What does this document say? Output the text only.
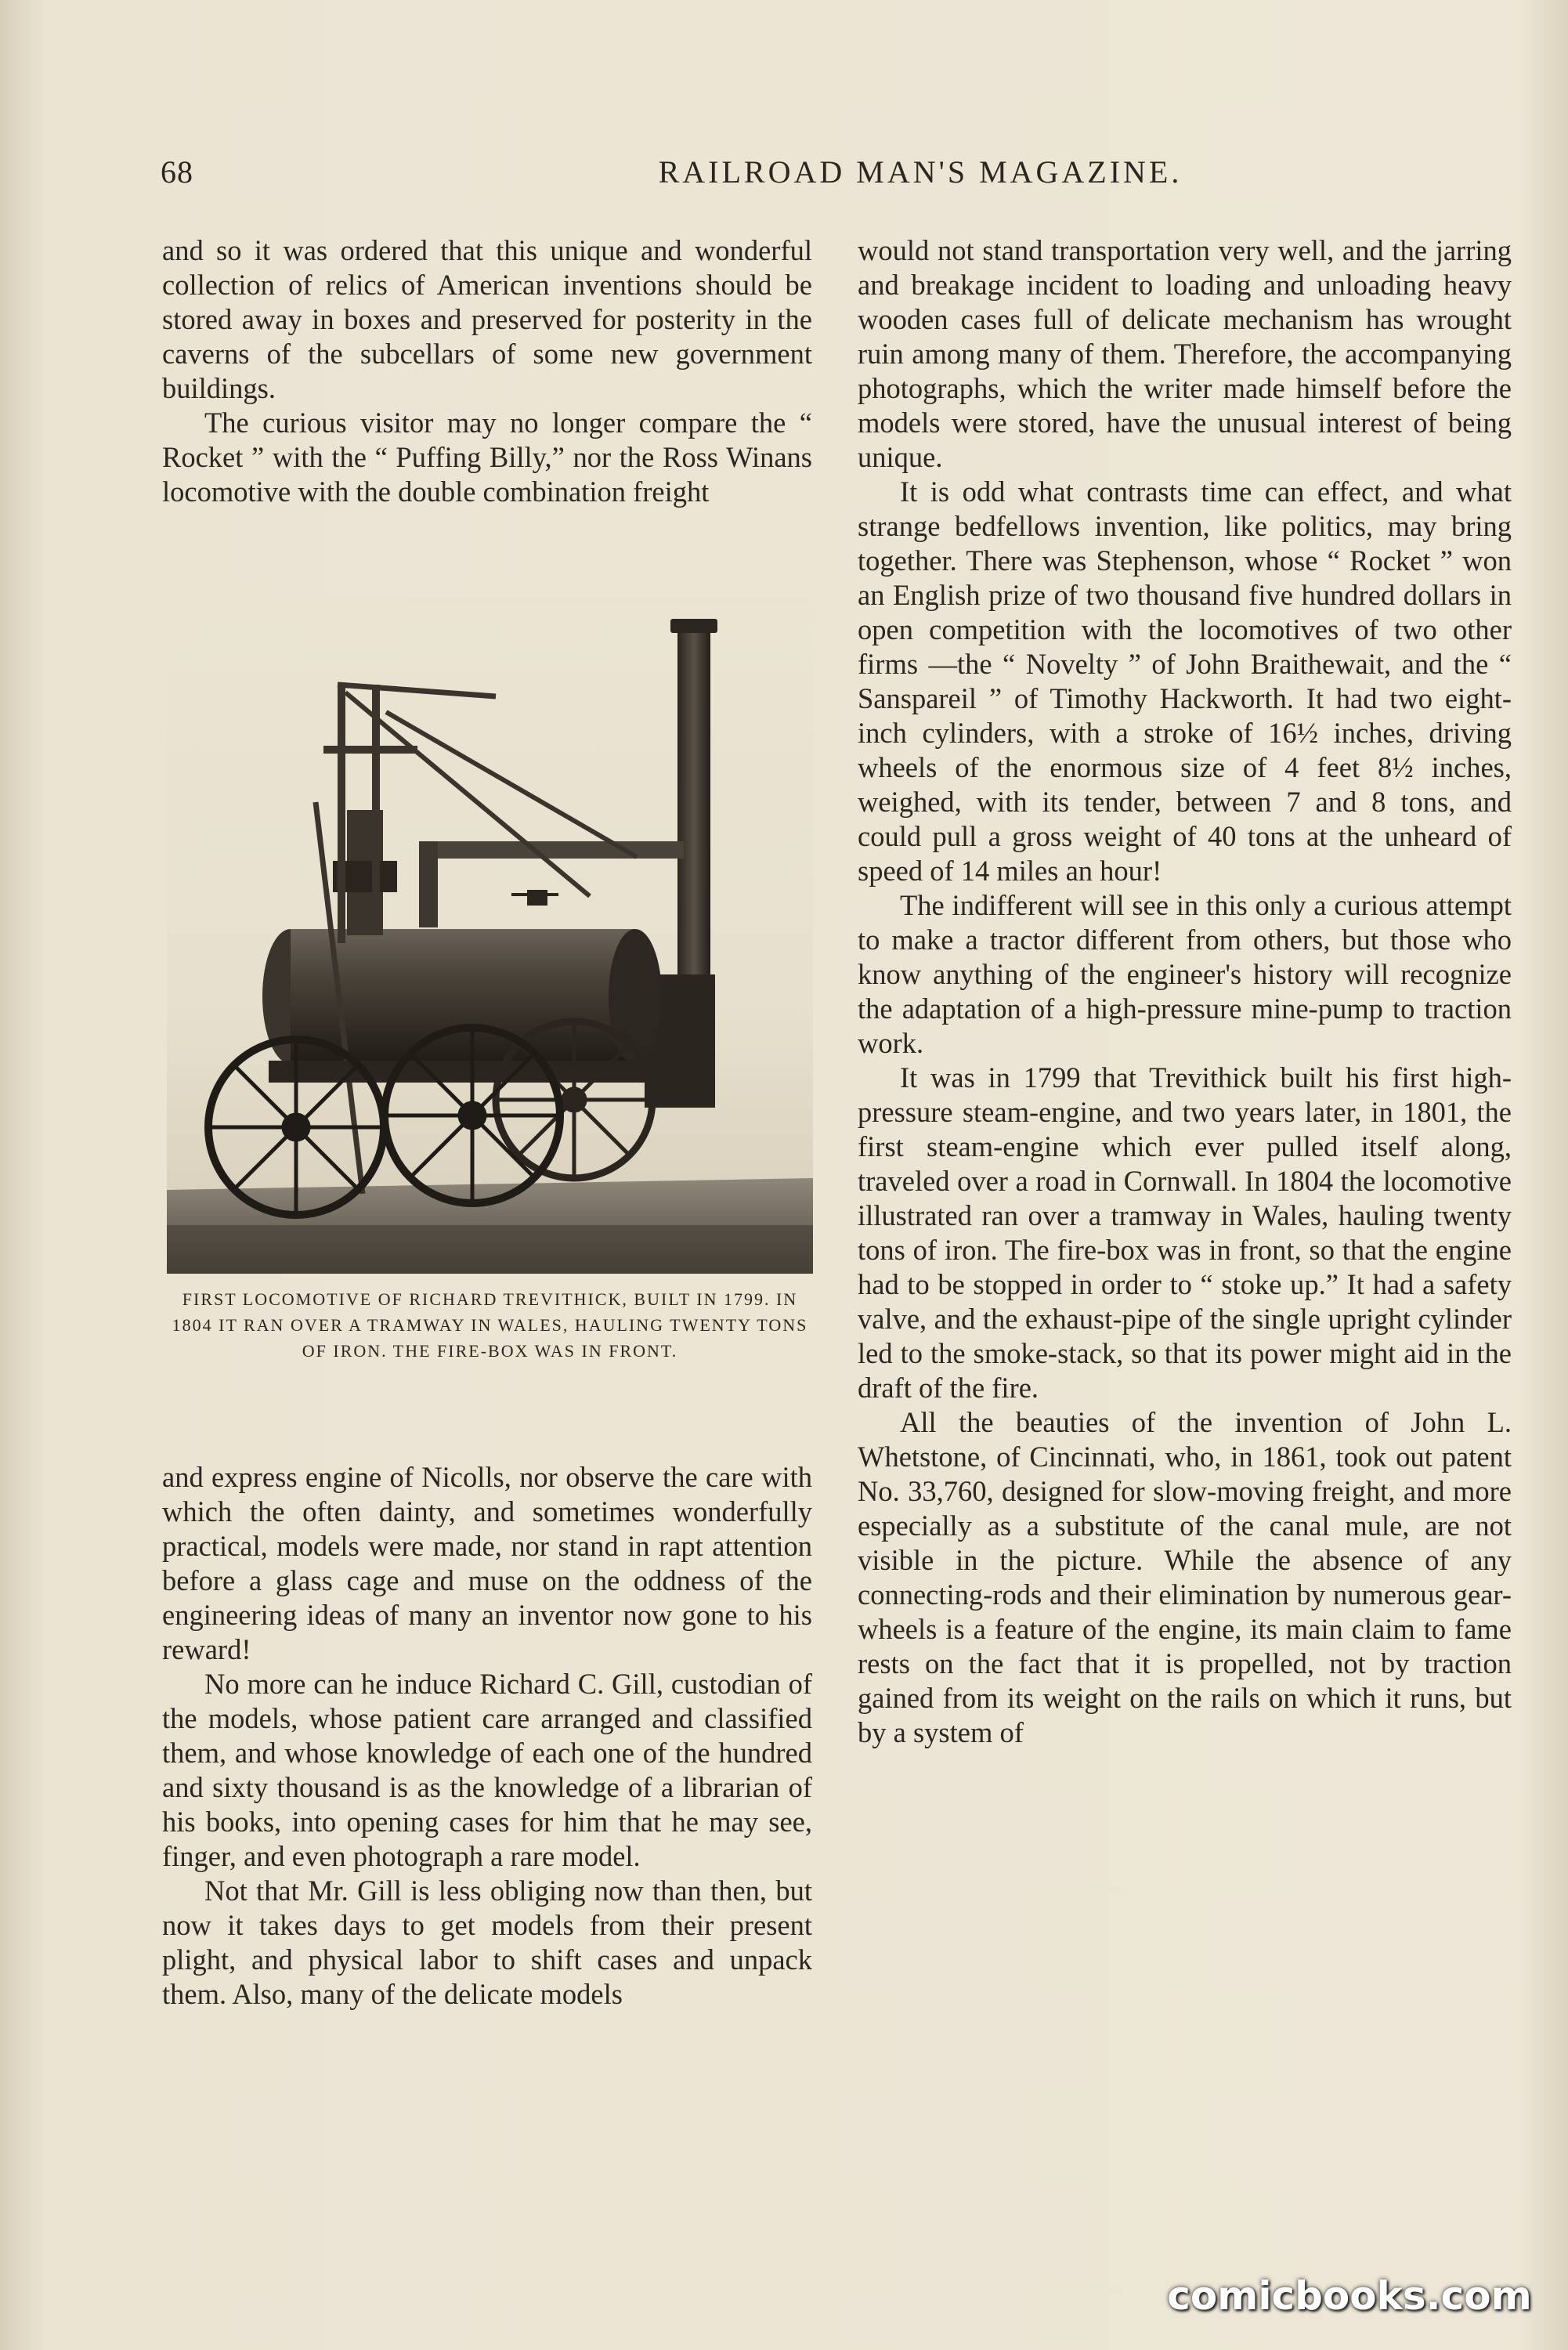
68	RAILROAD MAN'S MAGAZINE.

and so it was ordered that this unique and wonderful collection of relics of American inventions should be stored away in boxes and preserved for posterity in the caverns of the subcellars of some new government buildings.

The curious visitor may no longer compare the “ Rocket ” with the “ Puffing Billy,” nor the Ross Winans locomotive with the double combination freight

FIRST LOCOMOTIVE OF RICHARD TREVITHICK, BUILT IN 1799. IN 1804 IT RAN OVER A TRAMWAY IN WALES, HAULING TWENTY TONS OF IRON. THE FIRE-BOX WAS IN FRONT.

and express engine of Nicolls, nor observe the care with which the often dainty, and sometimes wonderfully practical, models were made, nor stand in rapt attention before a glass cage and muse on the oddness of the engineering ideas of many an inventor now gone to his reward!

No more can he induce Richard C. Gill, custodian of the models, whose patient care arranged and classified them, and whose knowledge of each one of the hundred and sixty thousand is as the knowledge of a librarian of his books, into opening cases for him that he may see, finger, and even photograph a rare model.

Not that Mr. Gill is less obliging now than then, but now it takes days to get models from their present plight, and physical labor to shift cases and unpack them. Also, many of the delicate models

would not stand transportation very well, and the jarring and breakage incident to loading and unloading heavy wooden cases full of delicate mechanism has wrought ruin among many of them. Therefore, the accompanying photographs, which the writer made himself before the models were stored, have the unusual interest of being unique.

It is odd what contrasts time can effect, and what strange bedfellows invention, like politics, may bring together. There was Stephenson, whose “ Rocket ” won an English prize of two thousand five hundred dollars in open competition with the locomotives of two other firms —the “ Novelty ” of John Braithewait, and the “ Sanspareil ” of Timothy Hackworth. It had two eight-inch cylinders, with a stroke of 16½ inches, driving wheels of the enormous size of 4 feet 8½ inches, weighed, with its tender, between 7 and 8 tons, and could pull a gross weight of 40 tons at the unheard of speed of 14 miles an hour!

The indifferent will see in this only a curious attempt to make a tractor different from others, but those who know anything of the engineer's history will recognize the adaptation of a high-pressure mine-pump to traction work.

It was in 1799 that Trevithick built his first high-pressure steam-engine, and two years later, in 1801, the first steam-engine which ever pulled itself along, traveled over a road in Cornwall. In 1804 the locomotive illustrated ran over a tramway in Wales, hauling twenty tons of iron. The fire-box was in front, so that the engine had to be stopped in order to “ stoke up.” It had a safety valve, and the exhaust-pipe of the single upright cylinder led to the smoke-stack, so that its power might aid in the draft of the fire.

All the beauties of the invention of John L. Whetstone, of Cincinnati, who, in 1861, took out patent No. 33,760, designed for slow-moving freight, and more especially as a substitute of the canal mule, are not visible in the picture. While the absence of any connecting-rods and their elimination by numerous gear-wheels is a feature of the engine, its main claim to fame rests on the fact that it is propelled, not by traction gained from its weight on the rails on which it runs, but by a system of

comicbooks.com
